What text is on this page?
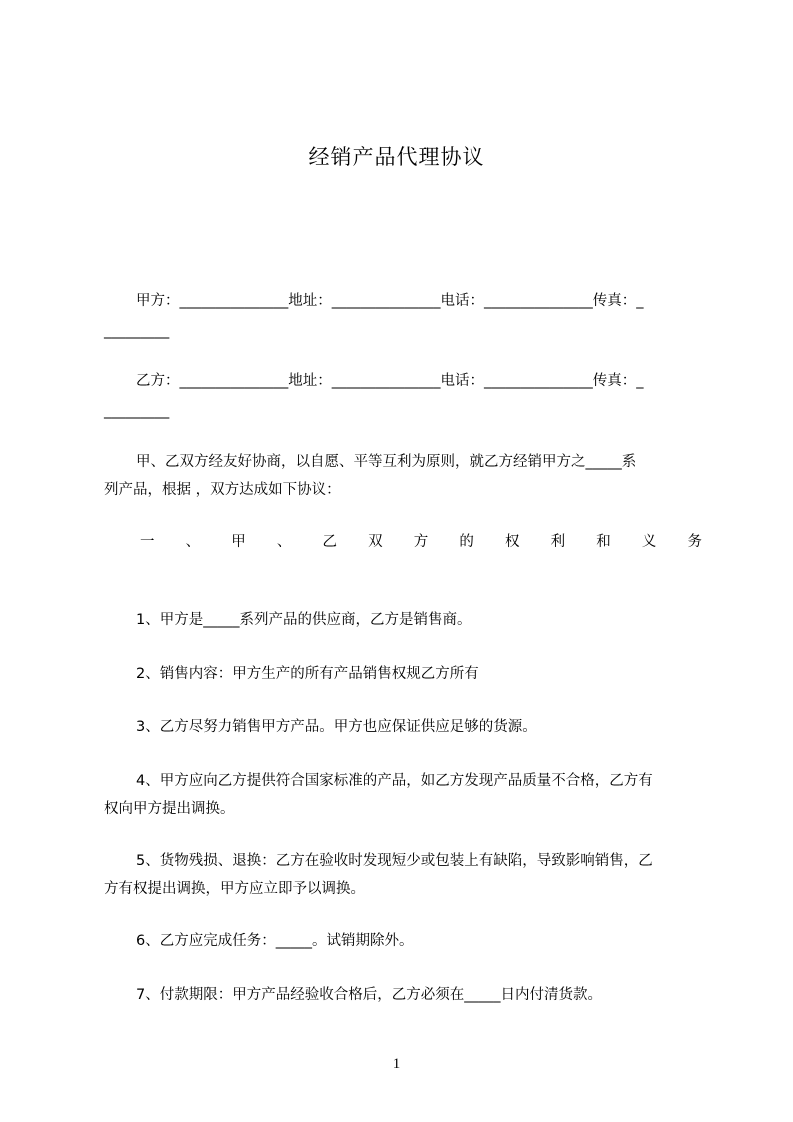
经销产品代理协议
甲方：_______________地址：_______________电话：_______________传真：_
_________
乙方：_______________地址：_______________电话：_______________传真：_
_________
甲、乙双方经友好协商，以自愿、平等互利为原则，就乙方经销甲方之_____系
列产品，根据 ，双方达成如下协议：
一 、 甲 、 乙 双 方 的 权 利 和 义 务
1、甲方是_____系列产品的供应商，乙方是销售商。
2、销售内容：甲方生产的所有产品销售权规乙方所有
3、乙方尽努力销售甲方产品。甲方也应保证供应足够的货源。
4、甲方应向乙方提供符合国家标准的产品，如乙方发现产品质量不合格，乙方有
权向甲方提出调换。
5、货物残损、退换：乙方在验收时发现短少或包装上有缺陷，导致影响销售，乙
方有权提出调换，甲方应立即予以调换。
6、乙方应完成任务：_____。试销期除外。
7、付款期限：甲方产品经验收合格后，乙方必须在_____日内付清货款。
1
